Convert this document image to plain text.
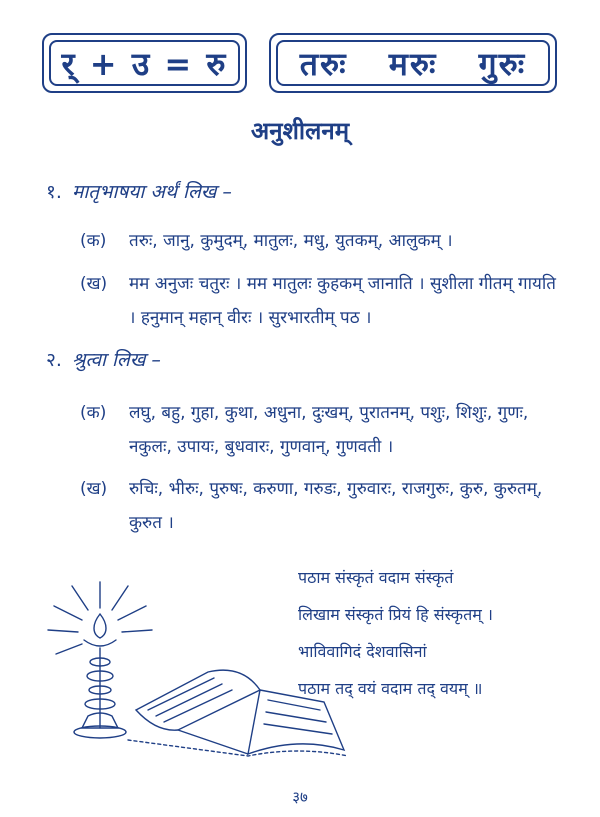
र् + उ = रु तरुः मरुः गुरुः
अनुशीलनम्
१. मातृभाषया अर्थं लिख –
(क) तरुः, जानु, कुमुदम्, मातुलः, मधु, युतकम्, आलुकम् ।
(ख) मम अनुजः चतुरः । मम मातुलः कुहकम् जानाति । सुशीला गीतम् गायति । हनुमान् महान् वीरः । सुरभारतीम् पठ ।
२. श्रुत्वा लिख –
(क) लघु, बहु, गुहा, कुथा, अधुना, दुःखम्, पुरातनम्, पशुः, शिशुः, गुणः, नकुलः, उपायः, बुधवारः, गुणवान्, गुणवती ।
(ख) रुचिः, भीरुः, पुरुषः, करुणा, गरुडः, गुरुवारः, राजगुरुः, कुरु, कुरुतम्, कुरुत ।
पठाम संस्कृतं वदाम संस्कृतं
लिखाम संस्कृतं प्रियं हि संस्कृतम् ।
भाविवागिदं देशवासिनां
पठाम तद् वयं वदाम तद् वयम् ॥
३७
